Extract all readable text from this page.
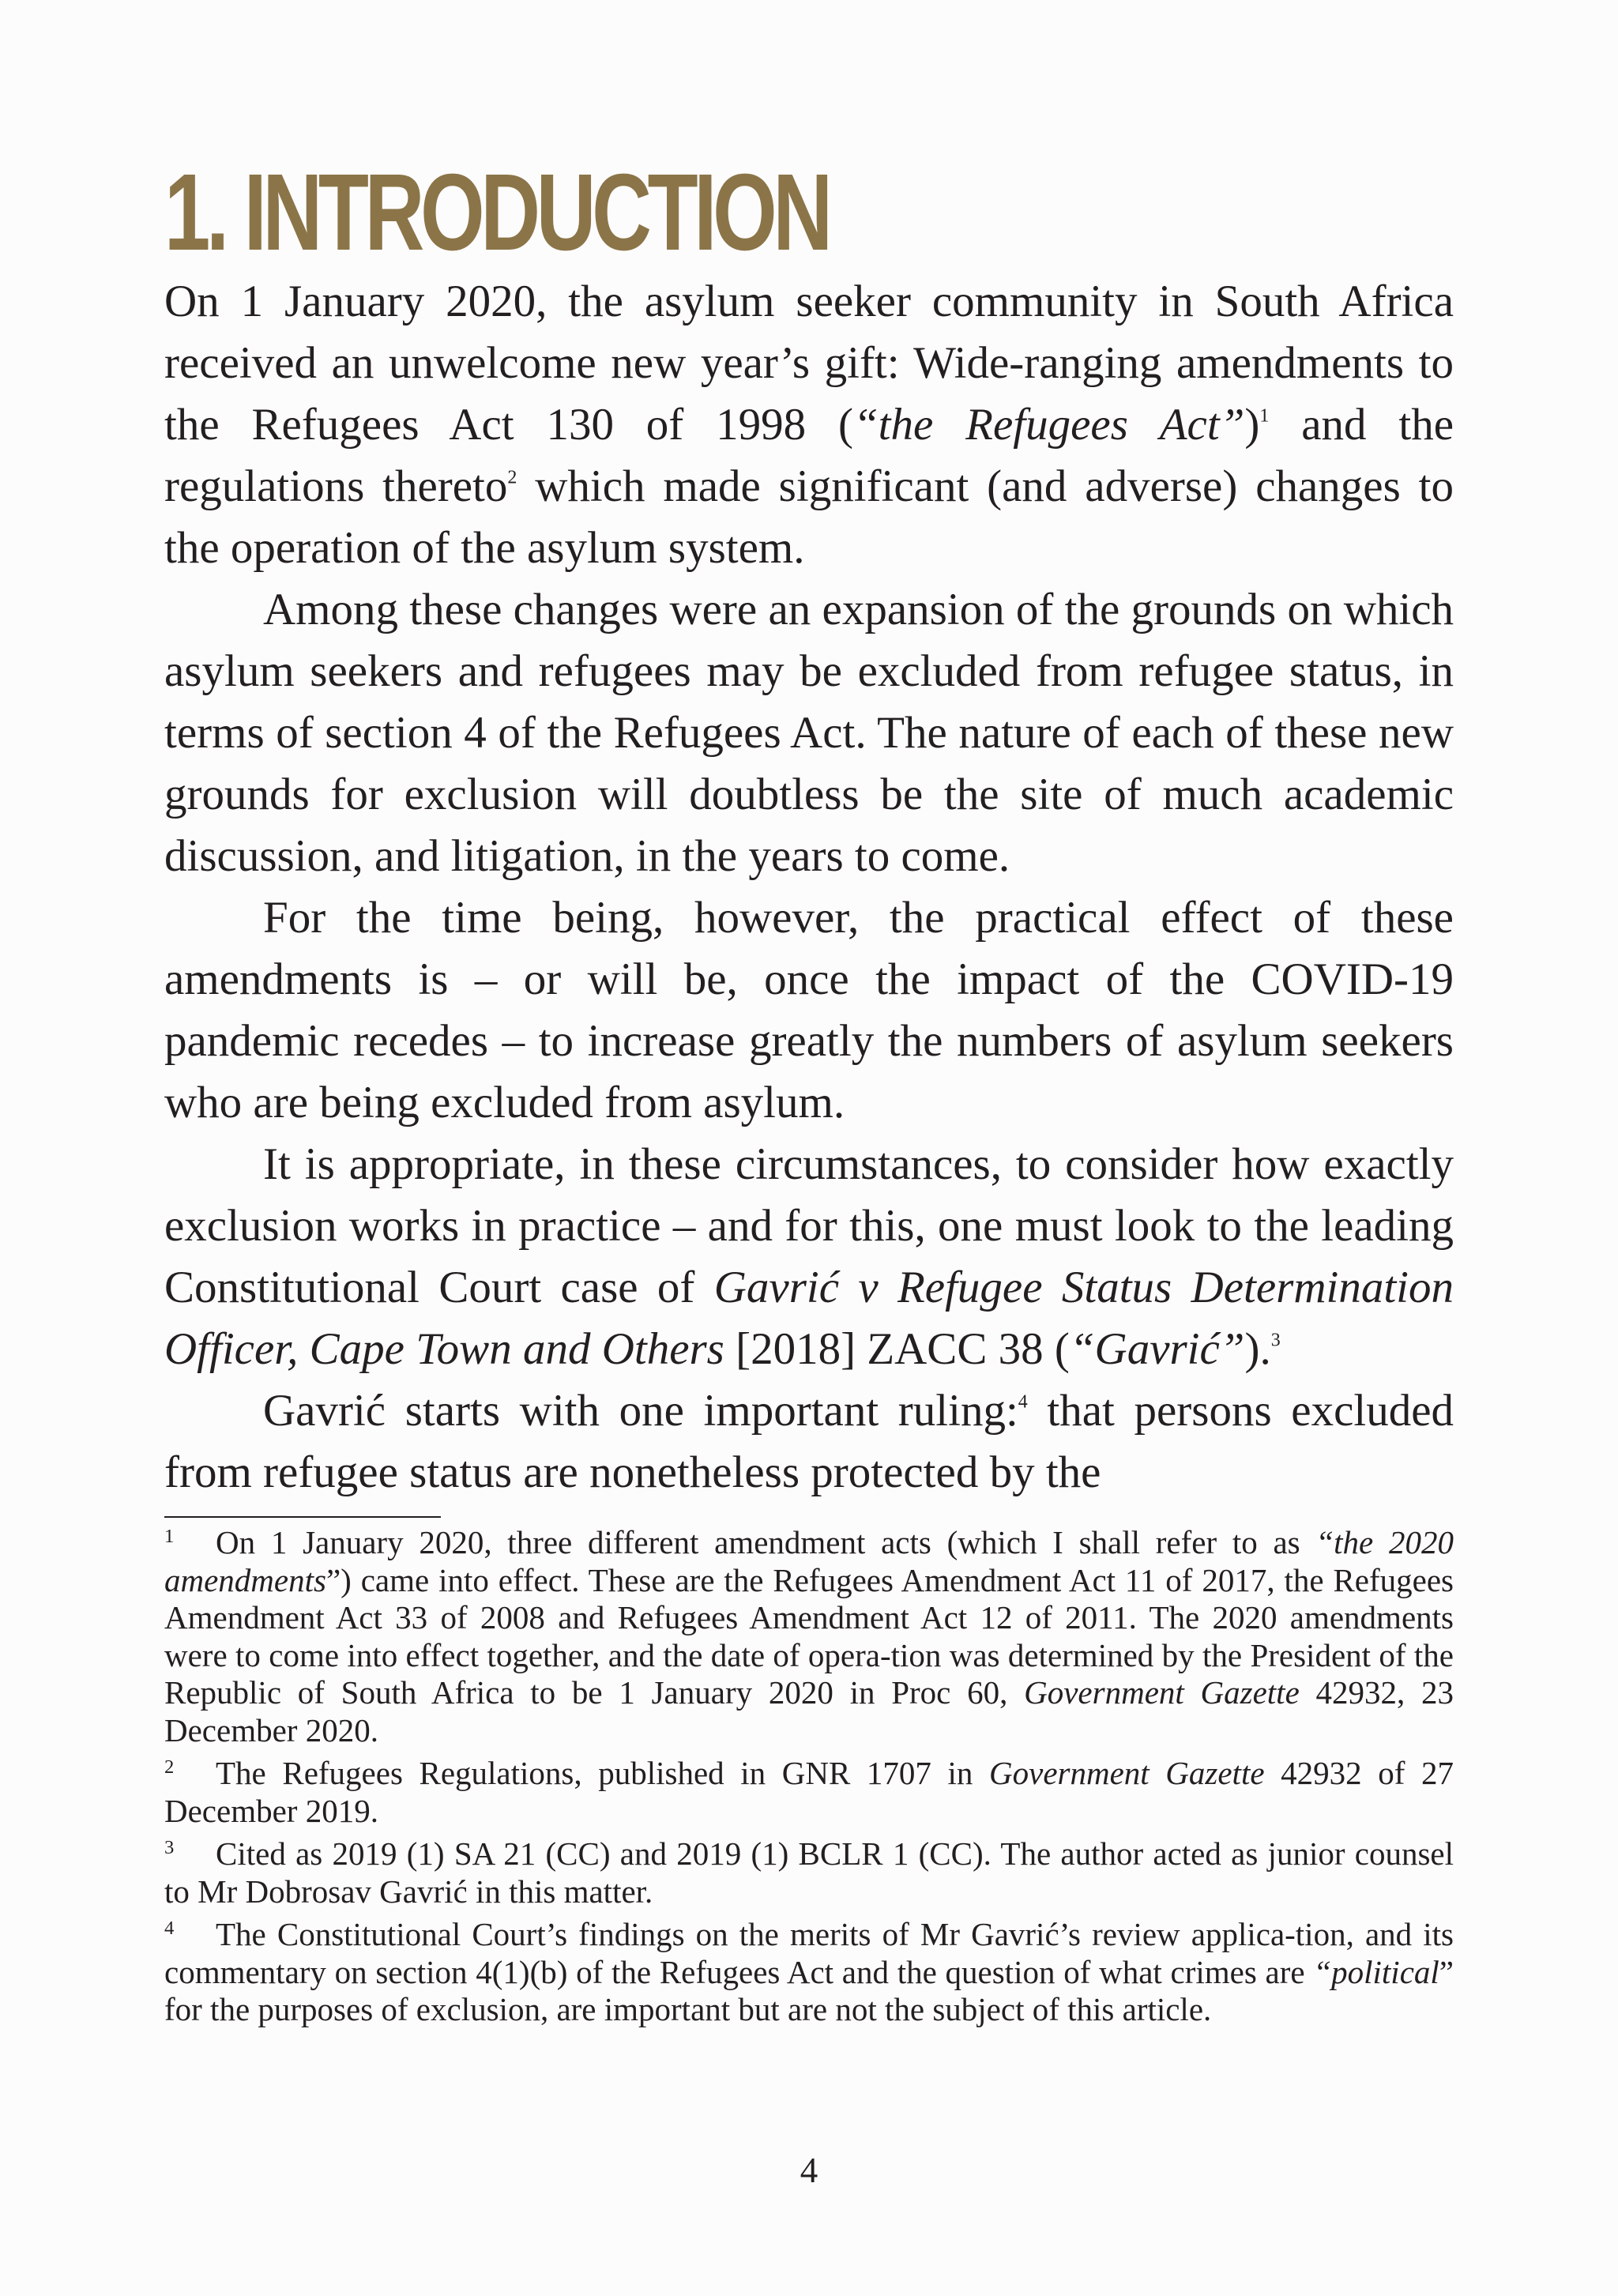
1. INTRODUCTION

On 1 January 2020, the asylum seeker community in South Africa received an unwelcome new year’s gift: Wide-ranging amendments to the Refugees Act 130 of 1998 (“the Refugees Act”)$^1$ and the regulations thereto$^2$ which made significant (and adverse) changes to the operation of the asylum system.

Among these changes were an expansion of the grounds on which asylum seekers and refugees may be excluded from refugee status, in terms of section 4 of the Refugees Act. The nature of each of these new grounds for exclusion will doubtless be the site of much academic discussion, and litigation, in the years to come.

For the time being, however, the practical effect of these amendments is – or will be, once the impact of the COVID-19 pandemic recedes – to increase greatly the numbers of asylum seekers who are being excluded from asylum.

It is appropriate, in these circumstances, to consider how exactly exclusion works in practice – and for this, one must look to the leading Constitutional Court case of Gavrić v Refugee Status Determination Officer, Cape Town and Others [2018] ZACC 38 (“Gavrić”).$^3$

Gavrić starts with one important ruling:$^4$ that persons excluded from refugee status are nonetheless protected by the

1 On 1 January 2020, three different amendment acts (which I shall refer to as “the 2020 amendments”) came into effect. These are the Refugees Amendment Act 11 of 2017, the Refugees Amendment Act 33 of 2008 and Refugees Amendment Act 12 of 2011. The 2020 amendments were to come into effect together, and the date of opera-tion was determined by the President of the Republic of South Africa to be 1 January 2020 in Proc 60, Government Gazette 42932, 23 December 2020.

2 The Refugees Regulations, published in GNR 1707 in Government Gazette 42932 of 27 December 2019.

3 Cited as 2019 (1) SA 21 (CC) and 2019 (1) BCLR 1 (CC). The author acted as junior counsel to Mr Dobrosav Gavrić in this matter.

4 The Constitutional Court’s findings on the merits of Mr Gavrić’s review applica-tion, and its commentary on section 4(1)(b) of the Refugees Act and the question of what crimes are “political” for the purposes of exclusion, are important but are not the subject of this article.

4
